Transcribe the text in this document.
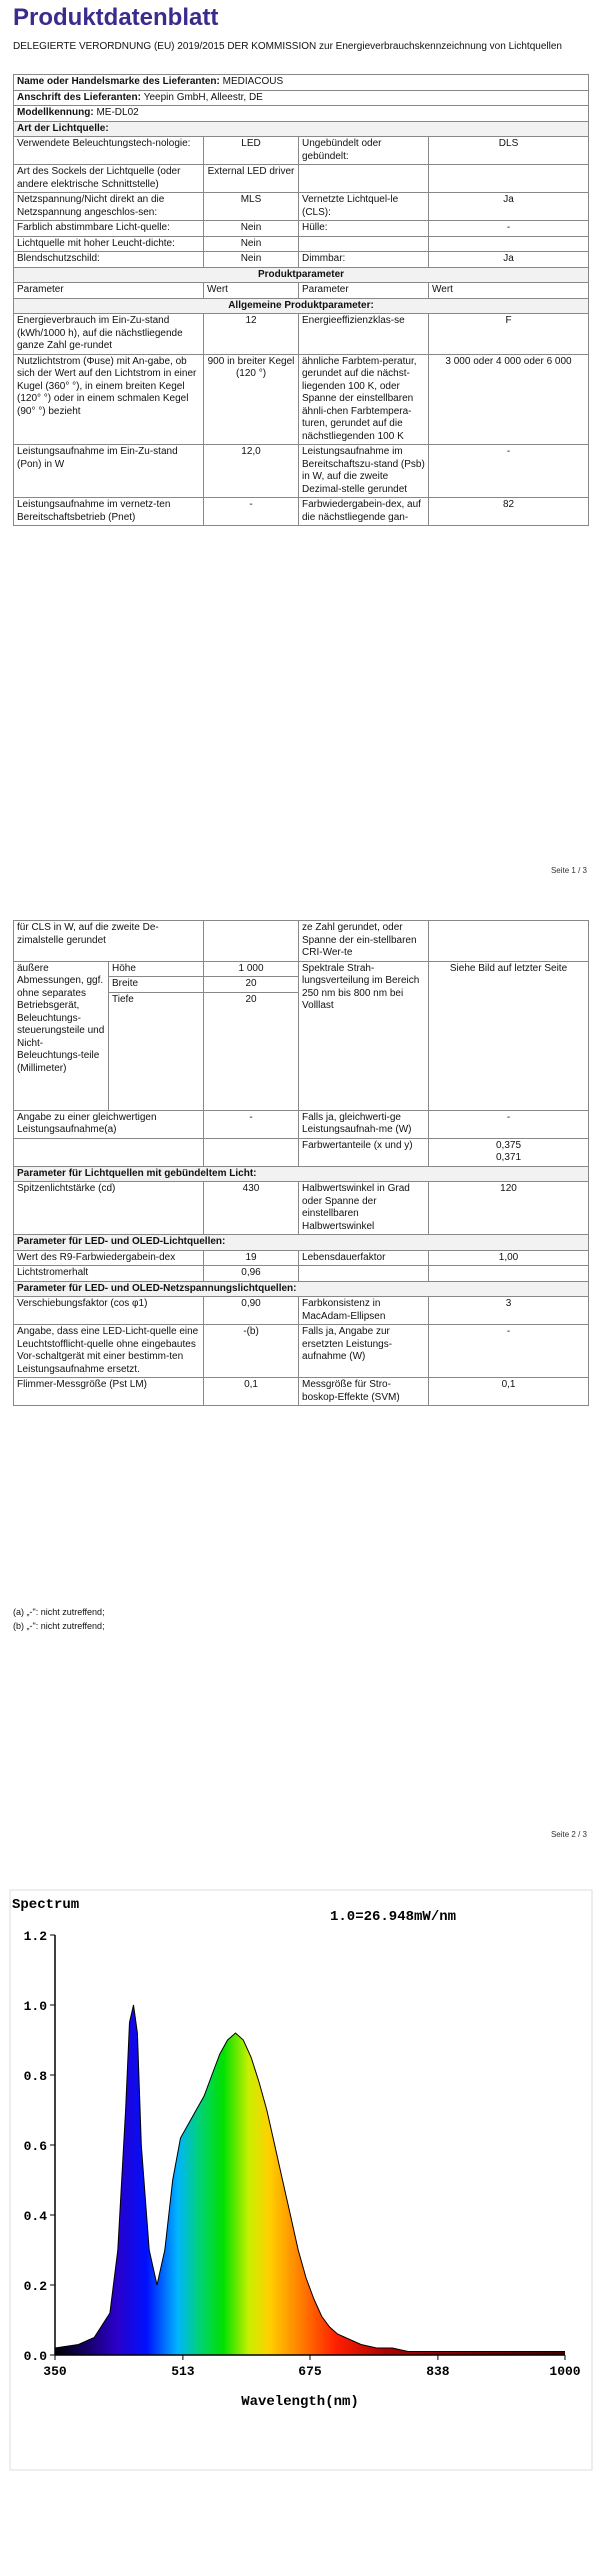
Produktdatenblatt
DELEGIERTE VERORDNUNG (EU) 2019/2015 DER KOMMISSION zur Energieverbrauchskennzeichnung von Lichtquellen
Name oder Handelsmarke des Lieferanten: MEDIACOUS			
Anschrift des Lieferanten: Yeepin GmbH, Alleestr, DE			
Modellkennung: ME-DL02			
Art der Lichtquelle:			
Verwendete Beleuchtungstech-nologie:	LED	Ungebündelt oder gebündelt:	DLS
Art des Sockels der Lichtquelle (oder andere elektrische Schnittstelle)	External LED driver		
Netzspannung/Nicht direkt an die Netzspannung angeschlos-sen:	MLS	Vernetzte Lichtquel-le (CLS):	Ja
Farblich abstimmbare Licht-quelle:	Nein	Hülle:	-
Lichtquelle mit hoher Leucht-dichte:	Nein		
Blendschutzschild:	Nein	Dimmbar:	Ja
Produktparameter			
Parameter	Wert	Parameter	Wert
Allgemeine Produktparameter:			
Energieverbrauch im Ein-Zu-stand (kWh/1000 h), auf die nächstliegende ganze Zahl ge-rundet	12	Energieeffizienzklas-se	F
Nutzlichtstrom (Φuse) mit An-gabe, ob sich der Wert auf den Lichtstrom in einer Kugel (360° °), in einem breiten Kegel (120° °) oder in einem schmalen Kegel (90° °) bezieht	900 in breiter Kegel (120 °)	ähnliche Farbtem-peratur, gerundet auf die nächst-liegenden 100 K, oder Spanne der einstellbaren ähnli-chen Farbtempera-turen, gerundet auf die nächstliegenden 100 K	3 000 oder 4 000 oder 6 000
Leistungsaufnahme im Ein-Zu-stand (Pon) in W	12,0	Leistungsaufnahme im Bereitschaftszu-stand (Psb) in W, auf die zweite Dezimal-stelle gerundet	-
Leistungsaufnahme im vernetz-ten Bereitschaftsbetrieb (Pnet)	-	Farbwiedergabein-dex, auf die nächstliegende gan-	82
Seite 1 / 3
für CLS in W, auf die zweite De-zimalstelle gerundet			ze Zahl gerundet, oder Spanne der ein-stellbaren CRI-Wer-te	
äußere Abmessungen, ggf. ohne separates Betriebsgerät, Beleuchtungs-steuerungsteile und Nicht-Beleuchtungs-teile (Millimeter)	Höhe	1 000	Spektrale Strah-lungsverteilung im Bereich 250 nm bis 800 nm bei Volllast	Siehe Bild auf letzter Seite
	Breite	20		
	Tiefe	20		
Angabe zu einer gleichwertigen Leistungsaufnahme(a)		-	Falls ja, gleichwerti-ge Leistungsaufnah-me (W)	-
			Farbwertanteile (x und y)	0,375
0,371
Parameter für Lichtquellen mit gebündeltem Licht:				
Spitzenlichtstärke (cd)		430	Halbwertswinkel in Grad oder Spanne der einstellbaren Halbwertswinkel	120
Parameter für LED- und OLED-Lichtquellen:				
Wert des R9-Farbwiedergabein-dex		19	Lebensdauerfaktor	1,00
Lichtstromerhalt		0,96		
Parameter für LED- und OLED-Netzspannungslichtquellen:				
Verschiebungsfaktor (cos φ1)		0,90	Farbkonsistenz in MacAdam-Ellipsen	3
Angabe, dass eine LED-Licht-quelle eine Leuchtstofflicht-quelle ohne eingebautes Vor-schaltgerät mit einer bestimm-ten Leistungsaufnahme ersetzt.		-(b)	Falls ja, Angabe zur ersetzten Leistungs-aufnahme (W)	-
Flimmer-Messgröße (Pst LM)		0,1	Messgröße für Stro-boskop-Effekte (SVM)	0,1
(a) „-": nicht zutreffend;
(b) „-": nicht zutreffend;
Seite 2 / 3
Spectrum
1.0=26.948mW/nm
0.0
0.2
0.4
0.6
0.8
1.0
1.2
350	513	675	838	1000
Wavelength(nm)
